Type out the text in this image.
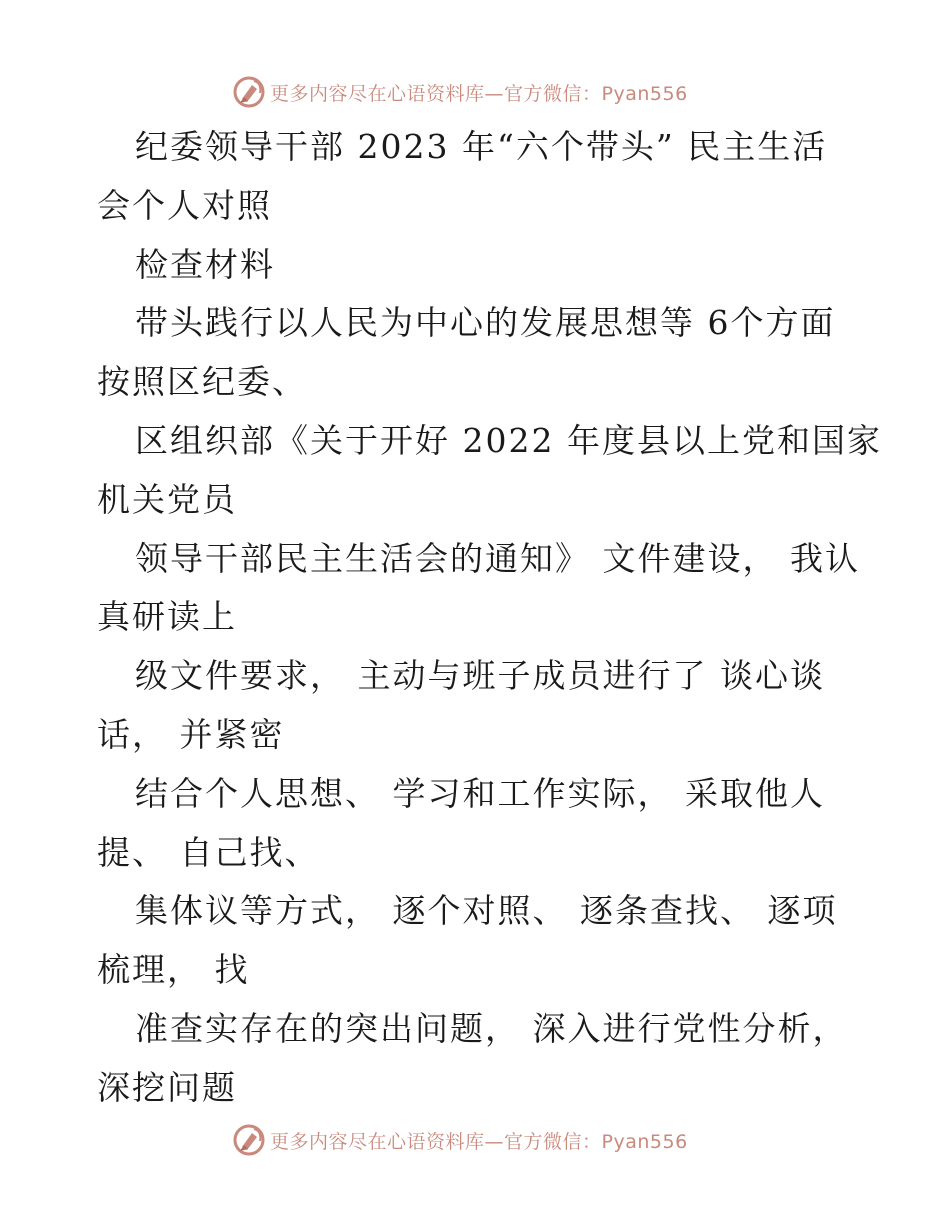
更多内容尽在心语资料库—官方微信：Pyan556
纪委领导干部 2023 年“六个带头” 民主生活
会个人对照
检查材料
带头践行以人民为中心的发展思想等 6个方面
按照区纪委、
区组织部《关于开好 2022 年度县以上党和国家
机关党员
领导干部民主生活会的通知》 文件建设， 我认
真研读上
级文件要求， 主动与班子成员进行了 谈心谈
话， 并紧密
结合个人思想、 学习和工作实际， 采取他人
提、 自己找、
集体议等方式， 逐个对照、 逐条查找、 逐项
梳理， 找
准查实存在的突出问题， 深入进行党性分析，
深挖问题
更多内容尽在心语资料库—官方微信：Pyan556
